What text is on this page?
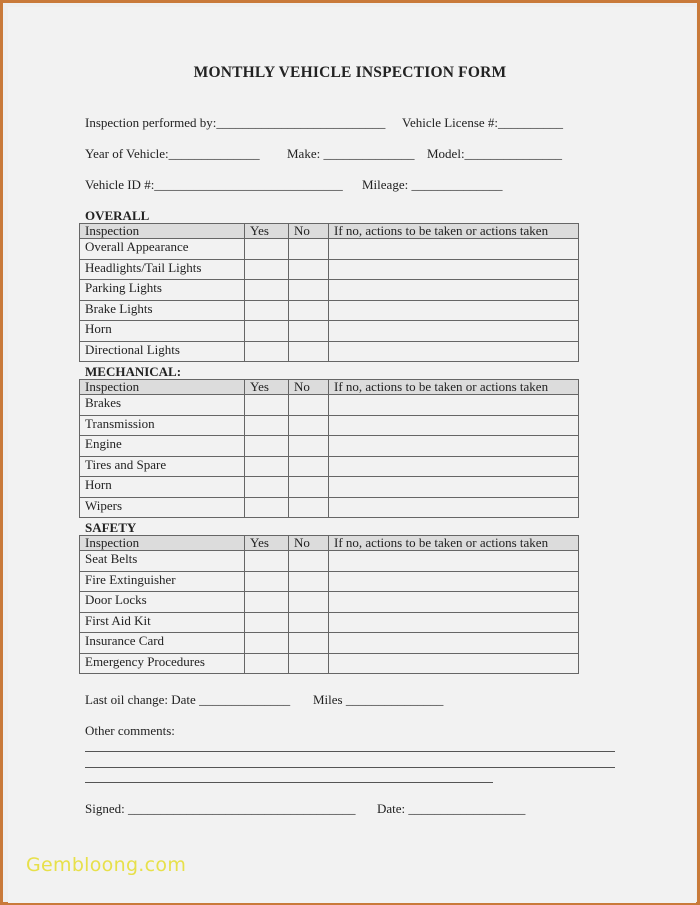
MONTHLY VEHICLE INSPECTION FORM
Inspection performed by:__________________________ Vehicle License #:__________
Year of Vehicle:______________ Make: ______________ Model:_______________
Vehicle ID #:_____________________________ Mileage: ______________
OVERALL
Inspection	Yes	No	If no, actions to be taken or actions taken
Overall Appearance			
Headlights/Tail Lights			
Parking Lights			
Brake Lights			
Horn			
Directional Lights			
MECHANICAL:
Inspection	Yes	No	If no, actions to be taken or actions taken
Brakes			
Transmission			
Engine			
Tires and Spare			
Horn			
Wipers			
SAFETY
Inspection	Yes	No	If no, actions to be taken or actions taken
Seat Belts			
Fire Extinguisher			
Door Locks			
First Aid Kit			
Insurance Card			
Emergency Procedures			
Last oil change: Date ______________ Miles _______________
Other comments:
Signed: ___________________________________ Date: __________________
Gembloong.com
